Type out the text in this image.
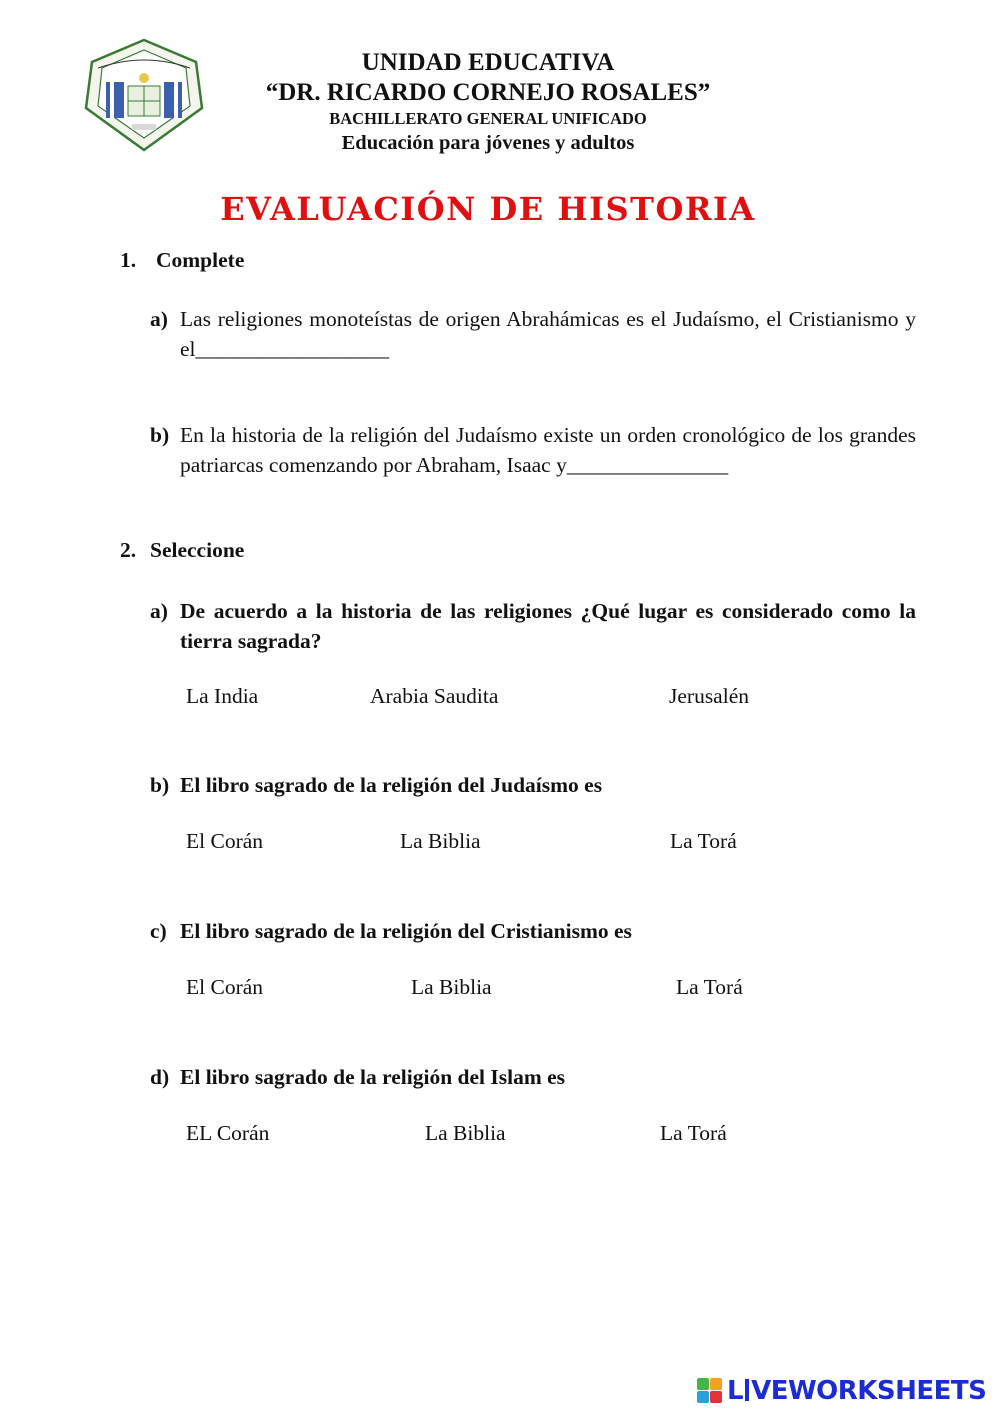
UNIDAD EDUCATIVA
“DR. RICARDO CORNEJO ROSALES”
BACHILLERATO GENERAL UNIFICADO
Educación para jóvenes y adultos
EVALUACIÓN DE HISTORIA
1. Complete
a) Las religiones monoteístas de origen Abrahámicas es el Judaísmo, el Cristianismo y el__________________
b) En la historia de la religión del Judaísmo existe un orden cronológico de los grandes patriarcas comenzando por Abraham, Isaac y_______________
2. Seleccione
a) De acuerdo a la historia de las religiones ¿Qué lugar es considerado como la tierra sagrada?
La India	Arabia Saudita	Jerusalén
b) El libro sagrado de la religión del Judaísmo es
El Corán	La Biblia	La Torá
c) El libro sagrado de la religión del Cristianismo es
El Corán	La Biblia	La Torá
d) El libro sagrado de la religión del Islam es
EL Corán	La Biblia	La Torá
L VEWORKSHEETS
